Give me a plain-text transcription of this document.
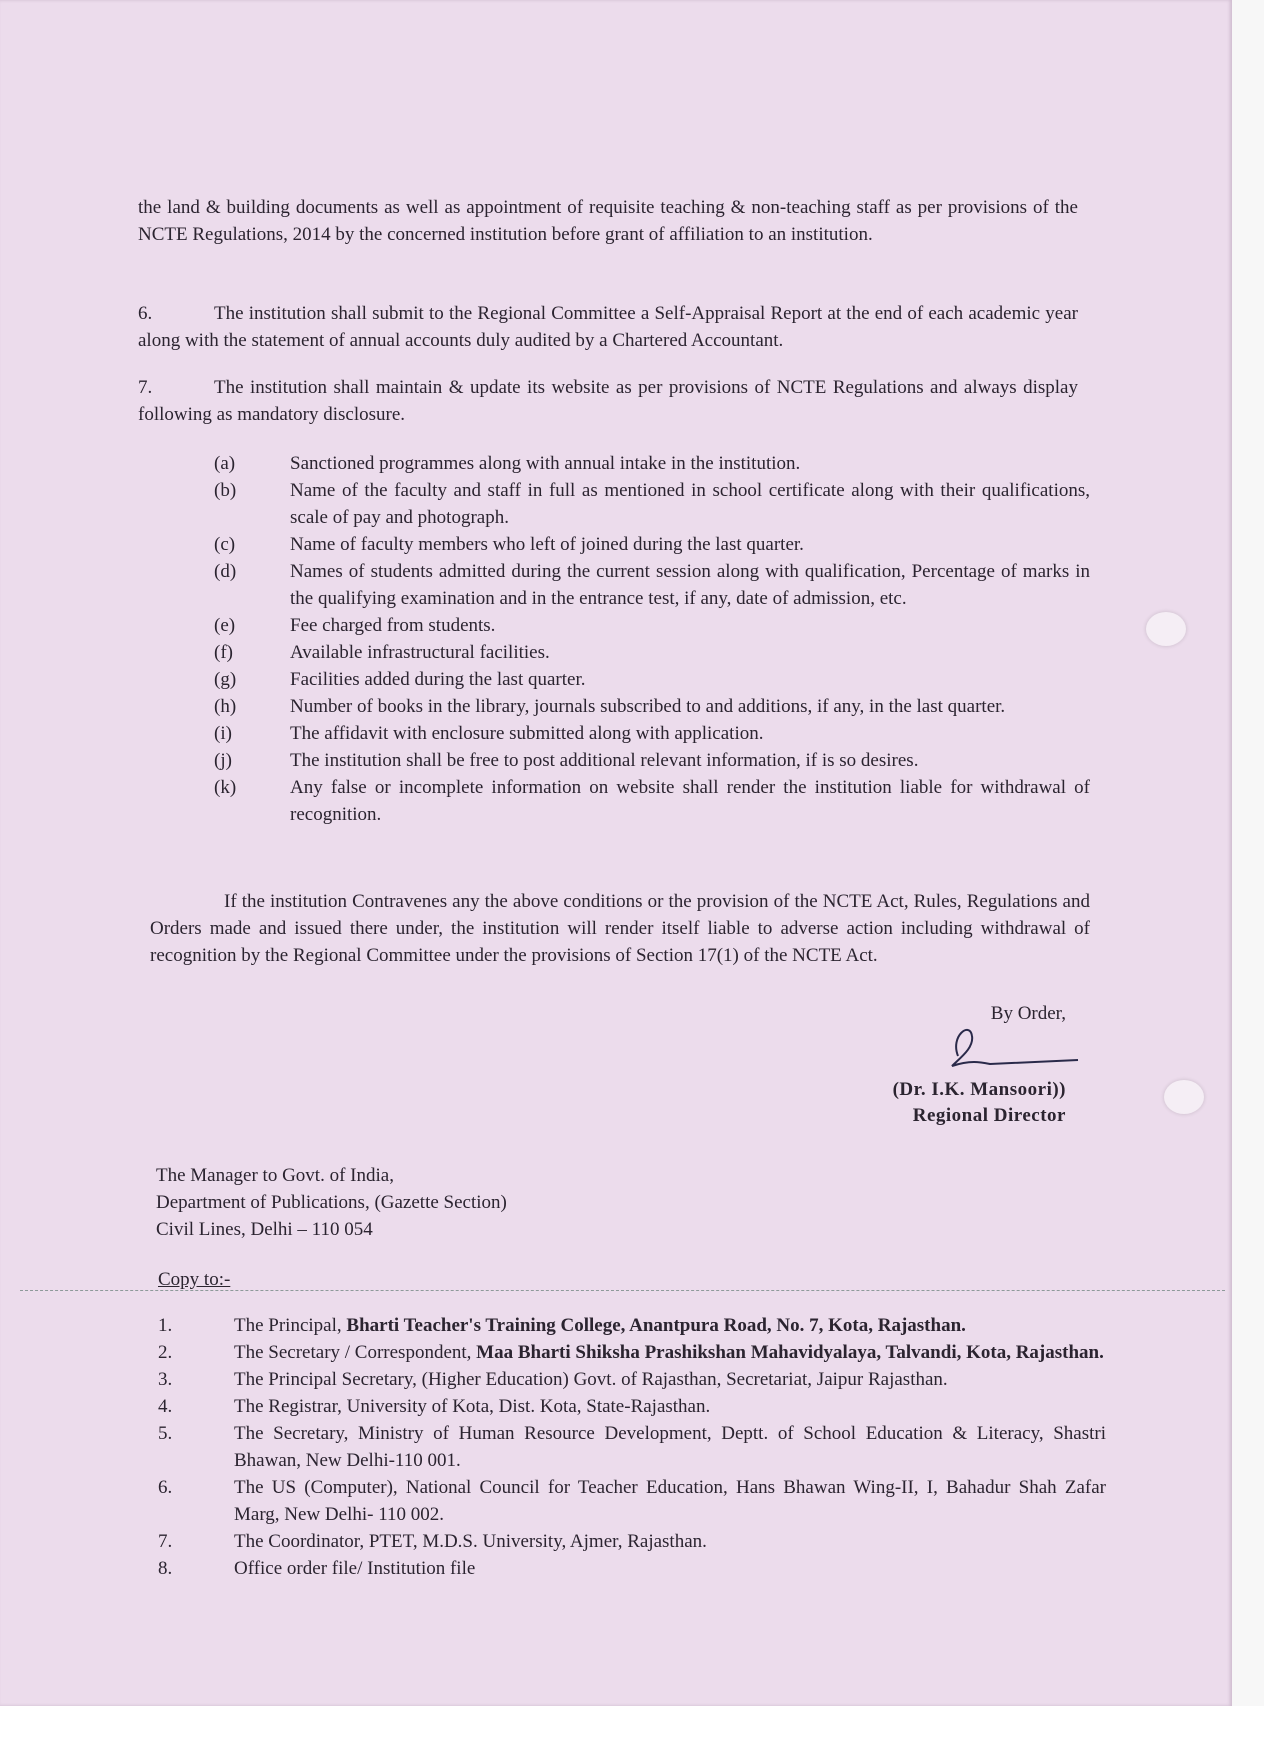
the land & building documents as well as appointment of requisite teaching & non-teaching staff as per provisions of the NCTE Regulations, 2014 by the concerned institution before grant of affiliation to an institution.
6.	The institution shall submit to the Regional Committee a Self-Appraisal Report at the end of each academic year along with the statement of annual accounts duly audited by a Chartered Accountant.
7.	The institution shall maintain & update its website as per provisions of NCTE Regulations and always display following as mandatory disclosure.
(a)	Sanctioned programmes along with annual intake in the institution.
(b)	Name of the faculty and staff in full as mentioned in school certificate along with their qualifications, scale of pay and photograph.
(c)	Name of faculty members who left of joined during the last quarter.
(d)	Names of students admitted during the current session along with qualification, Percentage of marks in the qualifying examination and in the entrance test, if any, date of admission, etc.
(e)	Fee charged from students.
(f)	Available infrastructural facilities.
(g)	Facilities added during the last quarter.
(h)	Number of books in the library, journals subscribed to and additions, if any, in the last quarter.
(i)	The affidavit with enclosure submitted along with application.
(j)	The institution shall be free to post additional relevant information, if is so desires.
(k)	Any false or incomplete information on website shall render the institution liable for withdrawal of recognition.
If the institution Contravenes any the above conditions or the provision of the NCTE Act, Rules, Regulations and Orders made and issued there under, the institution will render itself liable to adverse action including withdrawal of recognition by the Regional Committee under the provisions of Section 17(1) of the NCTE Act.
By Order,
(Dr. I.K. Mansoori))
Regional Director
The Manager to Govt. of India,
Department of Publications, (Gazette Section)
Civil Lines, Delhi – 110 054
Copy to:-
1.	The Principal, Bharti Teacher's Training College, Anantpura Road, No. 7, Kota, Rajasthan.
2.	The Secretary / Correspondent, Maa Bharti Shiksha Prashikshan Mahavidyalaya, Talvandi, Kota, Rajasthan.
3.	The Principal Secretary, (Higher Education) Govt. of Rajasthan, Secretariat, Jaipur Rajasthan.
4.	The Registrar, University of Kota, Dist. Kota, State-Rajasthan.
5.	The Secretary, Ministry of Human Resource Development, Deptt. of School Education & Literacy, Shastri Bhawan, New Delhi-110 001.
6.	The US (Computer), National Council for Teacher Education, Hans Bhawan Wing-II, I, Bahadur Shah Zafar Marg, New Delhi- 110 002.
7.	The Coordinator, PTET, M.D.S. University, Ajmer, Rajasthan.
8.	Office order file/ Institution file
